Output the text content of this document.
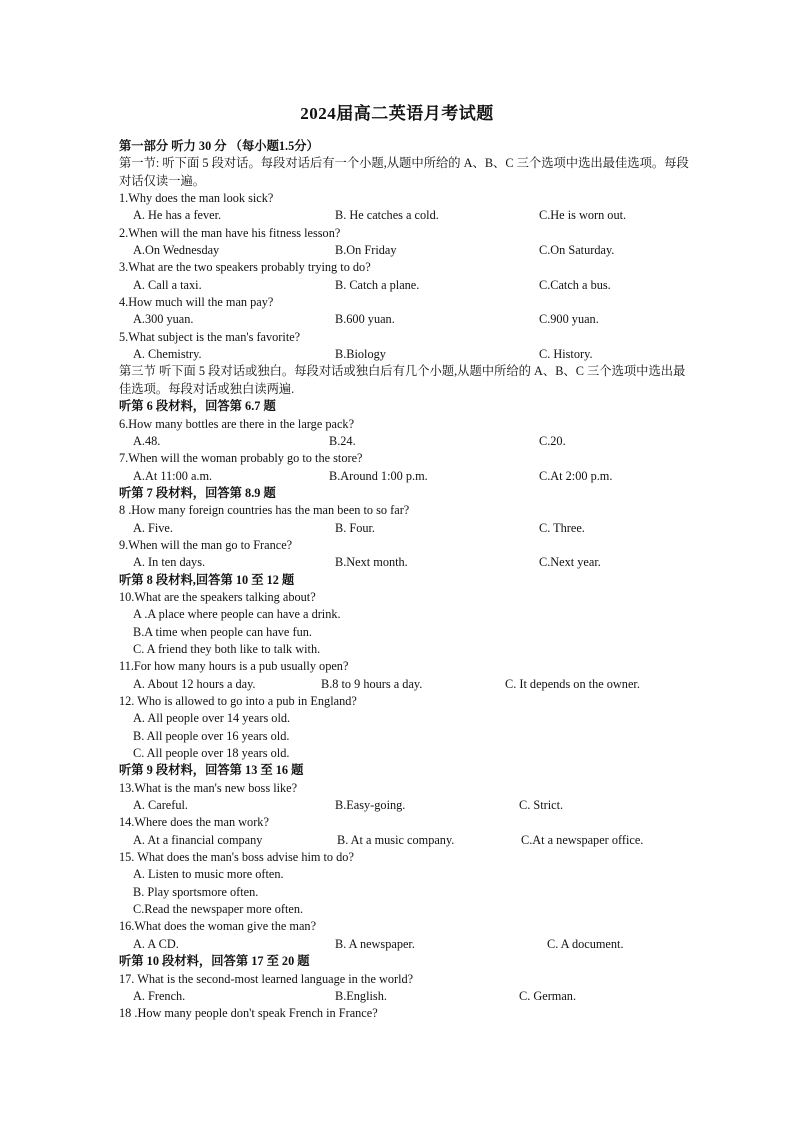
2024届高二英语月考试题
第一部分 听力 30 分 （每小题1.5分）
第一节: 听下面 5 段对话。每段对话后有一个小题,从题中所给的 A、B、C 三个选项中选出最佳选项。每段对话仅读一遍。
1.Why does the man look sick?
A. He has a fever.	B. He catches a cold.	C.He is worn out.
2.When will the man have his fitness lesson?
A.On Wednesday	B.On Friday	C.On Saturday.
3.What are the two speakers probably trying to do?
A. Call a taxi.	B. Catch a plane.	C.Catch a bus.
4.How much will the man pay?
A.300 yuan.	B.600 yuan.	C.900 yuan.
5.What subject is the man's favorite?
A. Chemistry.	B.Biology	C. History.
第三节 听下面 5 段对话或独白。每段对话或独白后有几个小题,从题中所给的 A、B、C 三个选项中选出最佳选项。每段对话或独白读两遍.
听第 6 段材料，回答第 6.7 题
6.How many bottles are there in the large pack?
A.48.	B.24.	C.20.
7.When will the woman probably go to the store?
A.At 11:00 a.m.	B.Around 1:00 p.m.	C.At 2:00 p.m.
听第 7 段材料，回答第 8.9 题
8 .How many foreign countries has the man been to so far?
A. Five.	B. Four.	C. Three.
9.When will the man go to France?
A. In ten days.	B.Next month.	C.Next year.
听第 8 段材料,回答第 10 至 12 题
10.What are the speakers talking about?
A .A place where people can have a drink.
B.A time when people can have fun.
C. A friend they both like to talk with.
11.For how many hours is a pub usually open?
A. About 12 hours a day.	B.8 to 9 hours a day.	C. It depends on the owner.
12. Who is allowed to go into a pub in England?
A. All people over 14 years old.
B. All people over 16 years old.
C. All people over 18 years old.
听第 9 段材料，回答第 13 至 16 题
13.What is the man's new boss like?
A. Careful.	B.Easy-going.	C. Strict.
14.Where does the man work?
A. At a financial company	B. At a music company.	C.At a newspaper office.
15. What does the man's boss advise him to do?
A. Listen to music more often.
B. Play sportsmore often.
C.Read the newspaper more often.
16.What does the woman give the man?
A. A CD.	B. A newspaper.	C. A document.
听第 10 段材料，回答第 17 至 20 题
17. What is the second-most learned language in the world?
A. French.	B.English.	C. German.
18 .How many people don't speak French in France?
